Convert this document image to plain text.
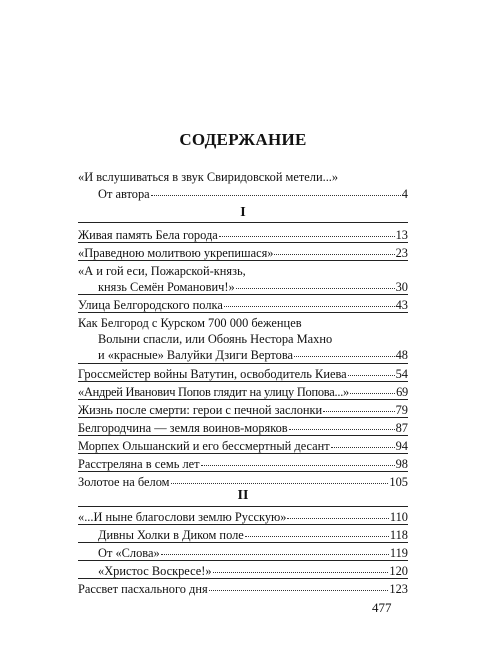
СОДЕРЖАНИЕ
«И вслушиваться в звук Свиридовской метели...»
От автора	4
I
Живая память Бела города	13
«Праведною молитвою укрепишася»	23
«А и гой еси, Пожарской-князь,
князь Семён Романович!»	30
Улица Белгородского полка	43
Как Белгород с Курском 700 000 беженцев
Волыни спасли, или Обоянь Нестора Махно
и «красные» Валуйки Дзиги Вертова	48
Гроссмейстер войны Ватутин, освободитель Киева	54
«Андрей Иванович Попов глядит на улицу Попова...»	69
Жизнь после смерти: герои с печной заслонки	79
Белгородчина — земля воинов-моряков	87
Морпех Ольшанский и его бессмертный десант	94
Расстреляна в семь лет	98
Золотое на белом	105
II
«...И ныне благослови землю Русскую»	110
Дивны Холки в Диком поле	118
От «Слова»	119
«Христос Воскресе!»	120
Рассвет пасхального дня	123
477
